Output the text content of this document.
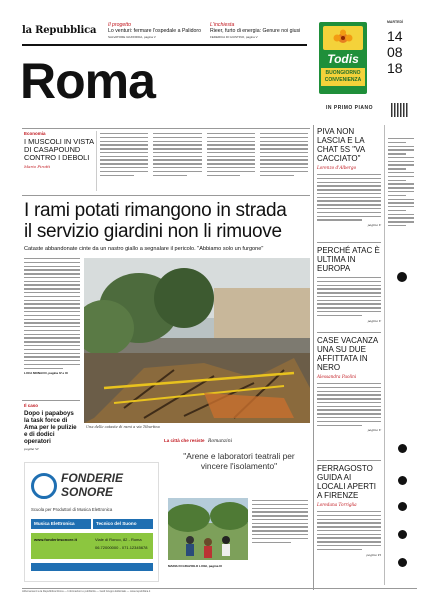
la Repubblica Il progetto
Lo venturi: fermare l'ospedale a Palidoro
SALVATORE GIUFFRIDA, pagina V
L'inchiesta
Rieer, furto di energia: Genure noi giusi
FEDERICA DI GIUSTINO, pagina V
Roma	IN PRIMO PIANO
Todis
BUONGIORNO
CONVENIENZA
MARTEDÌ
14
08
18
PIVA NON LASCIA E LA CHAT 5S "VA CACCIATO"
Lorenzo d'Albergo
pagina V
PERCHÉ ATAC È ULTIMA IN EUROPA
pagina V
CASE VACANZA UNA SU DUE AFFITTATA IN NERO
Alessandra Paolini
pagina V
FERRAGOSTO GUIDA AI LOCALI APERTI A FIRENZE
Loredana Torriglia
pagina VI
Economia
I MUSCOLI IN VISTA DI CASAPOUND CONTRO I DEBOLI
Mario Pirotti
I rami potati rimangono in strada
il servizio giardini non li rimuove
Cataste abbandonate cinte da un nastro giallo a segnalare il pericolo. "Abbiamo solo un furgone"
LUCA MONACO, pagina IV e IX
Una delle cataste di rami a via Tiburtina
Il caso
Dopo i papaboys la task force di Ama per le pulizie e di dodici operatori
pagina VI
FONDERIE
SONORE
Scuola per Produttori di Musica Elettronica
Musica Elettronica	Tecnico del Suono
www.fonderiesonore.it	Viale di Ronco, 82 - Roma
06.72000000 - 071.12345678
La città che resiste Romanzini
"Arene e laboratori teatrali per vincere l'isolamento"
MARIA DI GRAZIOLO LUIGI, pagina IX
Abbonamenti a la Repubblica Roma — Informazioni e pubblicità — Gedi Gruppo Editoriale — www.repubblica.it
